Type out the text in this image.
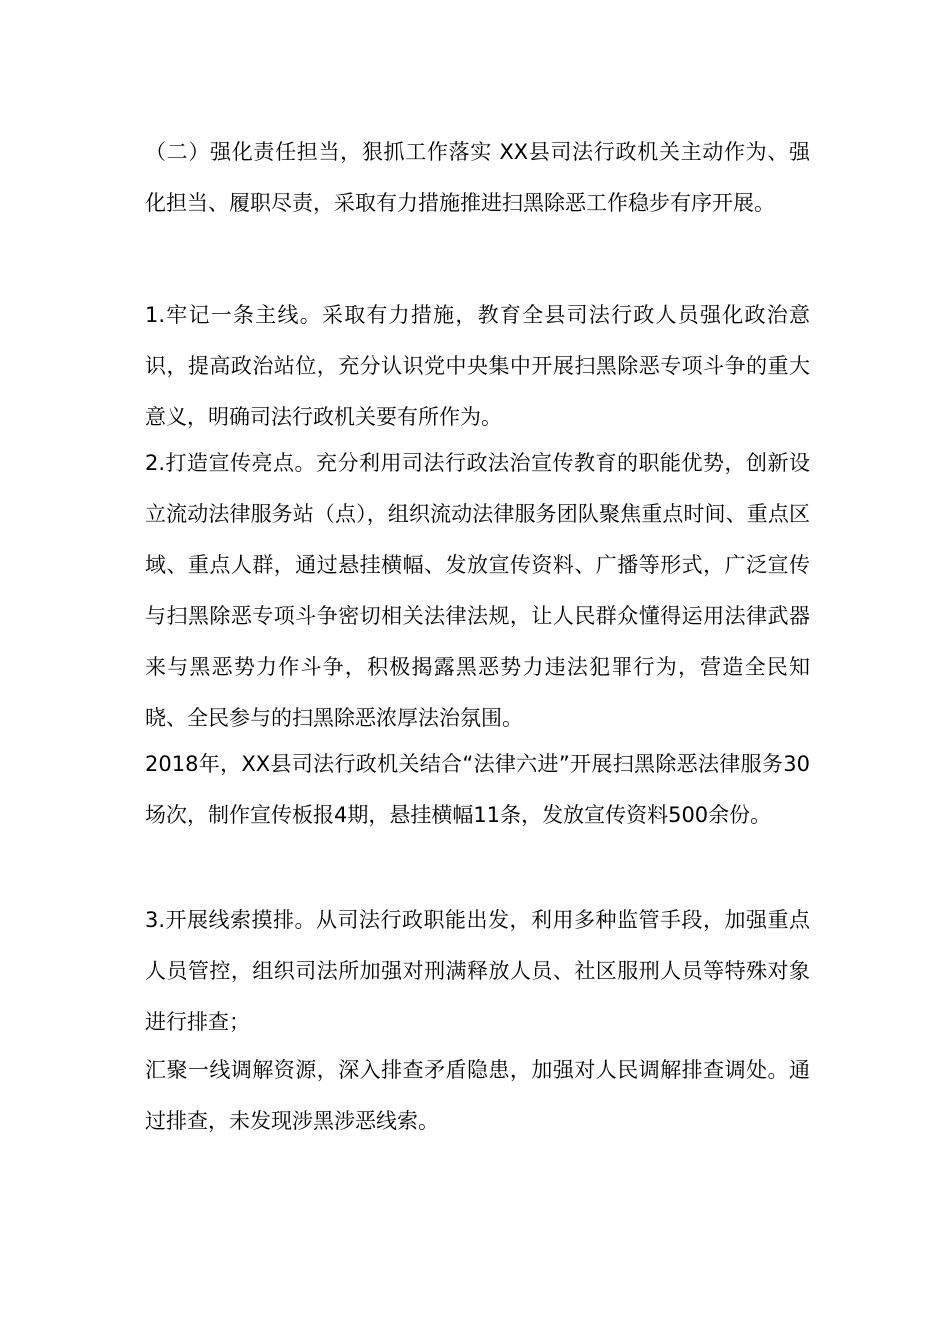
（二）强化责任担当，狠抓工作落实 XX县司法行政机关主动作为、强化担当、履职尽责，采取有力措施推进扫黑除恶工作稳步有序开展。

1.牢记一条主线。采取有力措施，教育全县司法行政人员强化政治意识，提高政治站位，充分认识党中央集中开展扫黑除恶专项斗争的重大意义，明确司法行政机关要有所作为。

2.打造宣传亮点。充分利用司法行政法治宣传教育的职能优势，创新设立流动法律服务站（点），组织流动法律服务团队聚焦重点时间、重点区域、重点人群，通过悬挂横幅、发放宣传资料、广播等形式，广泛宣传与扫黑除恶专项斗争密切相关法律法规，让人民群众懂得运用法律武器来与黑恶势力作斗争，积极揭露黑恶势力违法犯罪行为，营造全民知晓、全民参与的扫黑除恶浓厚法治氛围。

2018年，XX县司法行政机关结合“法律六进”开展扫黑除恶法律服务30场次，制作宣传板报4期，悬挂横幅11条，发放宣传资料500余份。

3.开展线索摸排。从司法行政职能出发，利用多种监管手段，加强重点人员管控，组织司法所加强对刑满释放人员、社区服刑人员等特殊对象进行排查；

汇聚一线调解资源，深入排查矛盾隐患，加强对人民调解排查调处。通过排查，未发现涉黑涉恶线索。
